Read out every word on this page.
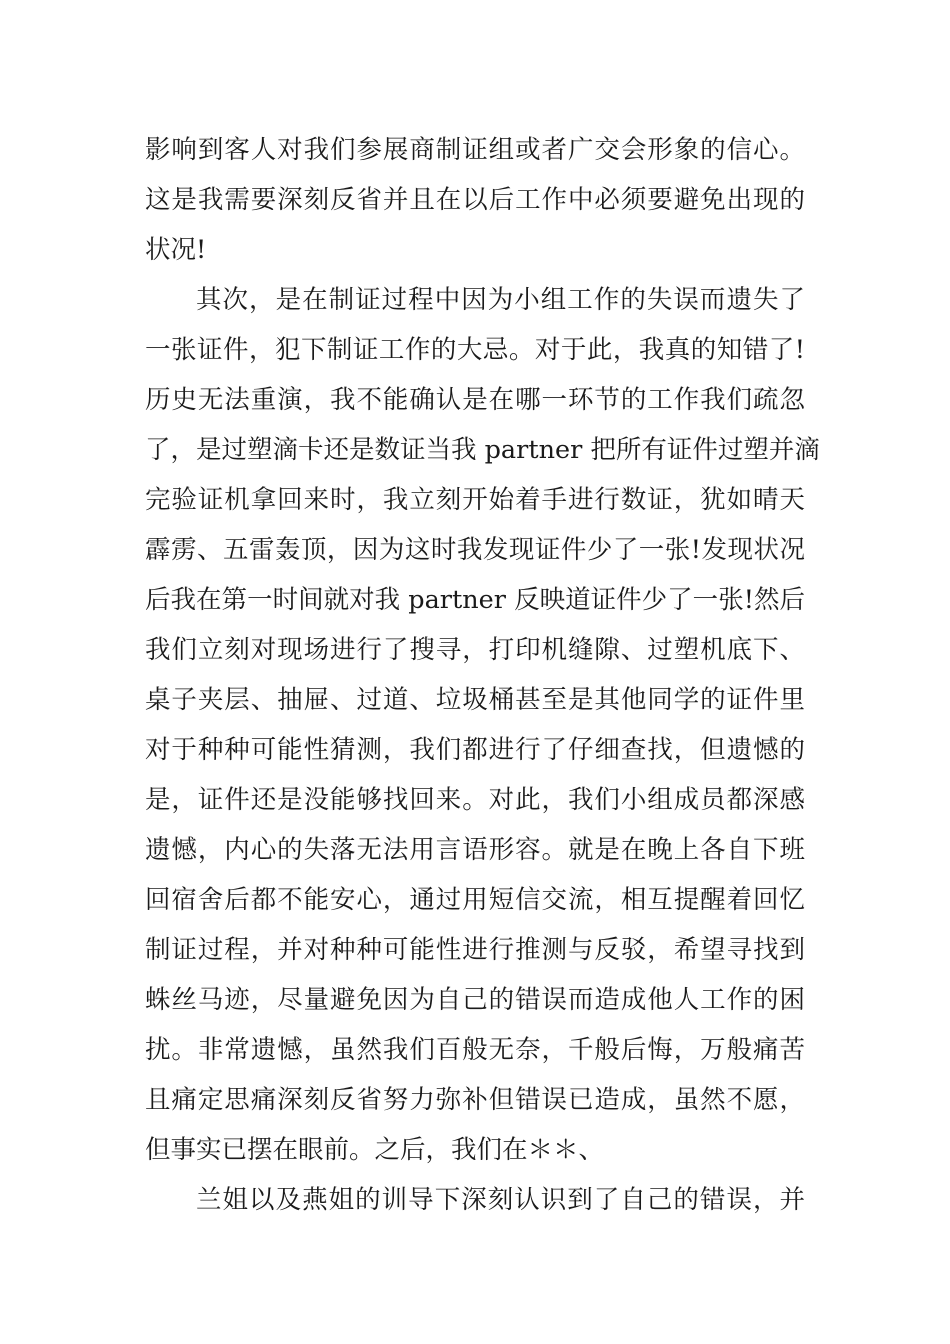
影响到客人对我们参展商制证组或者广交会形象的信心。
这是我需要深刻反省并且在以后工作中必须要避免出现的
状况!
其次，是在制证过程中因为小组工作的失误而遗失了
一张证件，犯下制证工作的大忌。对于此，我真的知错了!
历史无法重演，我不能确认是在哪一环节的工作我们疏忽
了，是过塑滴卡还是数证当我 partner 把所有证件过塑并滴
完验证机拿回来时，我立刻开始着手进行数证，犹如晴天
霹雳、五雷轰顶，因为这时我发现证件少了一张!发现状况
后我在第一时间就对我 partner 反映道证件少了一张!然后
我们立刻对现场进行了搜寻，打印机缝隙、过塑机底下、
桌子夹层、抽屉、过道、垃圾桶甚至是其他同学的证件里
对于种种可能性猜测，我们都进行了仔细查找，但遗憾的
是，证件还是没能够找回来。对此，我们小组成员都深感
遗憾，内心的失落无法用言语形容。就是在晚上各自下班
回宿舍后都不能安心，通过用短信交流，相互提醒着回忆
制证过程，并对种种可能性进行推测与反驳，希望寻找到
蛛丝马迹，尽量避免因为自己的错误而造成他人工作的困
扰。非常遗憾，虽然我们百般无奈，千般后悔，万般痛苦
且痛定思痛深刻反省努力弥补但错误已造成，虽然不愿，
但事实已摆在眼前。之后，我们在＊＊、
兰姐以及燕姐的训导下深刻认识到了自己的错误，并
